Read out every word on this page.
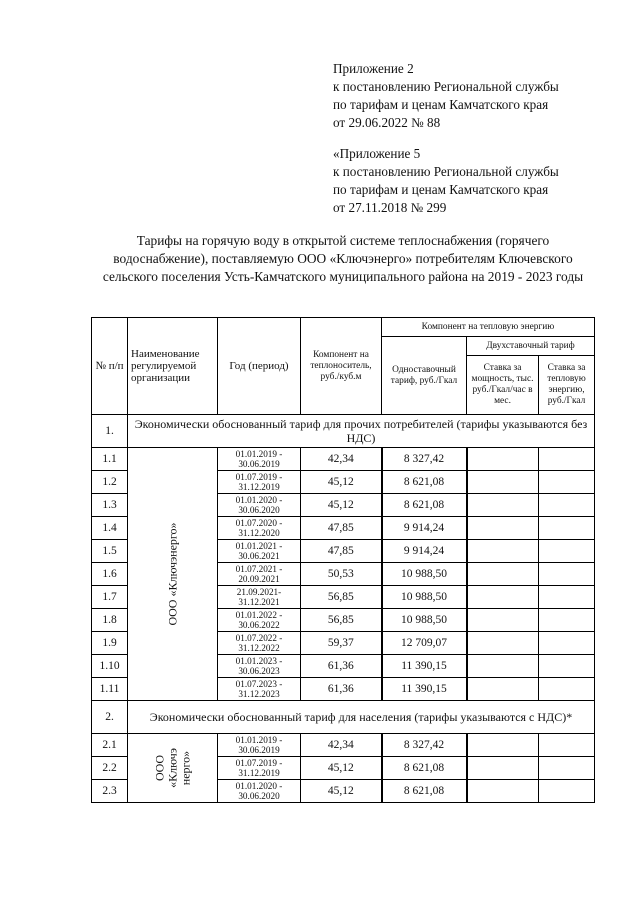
Приложение 2
к постановлению Региональной службы
по тарифам и ценам Камчатского края
от 29.06.2022 № 88
«Приложение 5
к постановлению Региональной службы
по тарифам и ценам Камчатского края
от 27.11.2018 № 299
Тарифы на горячую воду в открытой системе теплоснабжения (горячего водоснабжение), поставляемую ООО «Ключэнерго» потребителям Ключевского сельского поселения Усть-Камчатского муниципального района на 2019 - 2023 годы
№ п/п	Наименование регулируемой организации	Год (период)	Компонент на теплоноситель, руб./куб.м	Компонент на тепловую энергию		
				Одноставочный тариф, руб./Гкал	Двухставочный тариф	
					Ставка за мощность, тыс. руб./Гкал/час в мес.	Ставка за тепловую энергию, руб./Гкал
1.	Экономически обоснованный тариф для прочих потребителей (тарифы указываются без НДС)					
1.1	ООО «Ключэнерго»	01.01.2019 - 30.06.2019	42,34	8 327,42		
1.2		01.07.2019 - 31.12.2019	45,12	8 621,08		
1.3		01.01.2020 - 30.06.2020	45,12	8 621,08		
1.4		01.07.2020 - 31.12.2020	47,85	9 914,24		
1.5		01.01.2021 - 30.06.2021	47,85	9 914,24		
1.6		01.07.2021 - 20.09.2021	50,53	10 988,50		
1.7		21.09.2021- 31.12.2021	56,85	10 988,50		
1.8		01.01.2022 - 30.06.2022	56,85	10 988,50		
1.9		01.07.2022 - 31.12.2022	59,37	12 709,07		
1.10		01.01.2023 - 30.06.2023	61,36	11 390,15		
1.11		01.07.2023 - 31.12.2023	61,36	11 390,15		
2.	Экономически обоснованный тариф для населения (тарифы указываются с НДС)*					
2.1	ООО «Ключэ нерго»	01.01.2019 - 30.06.2019	42,34	8 327,42		
2.2		01.07.2019 - 31.12.2019	45,12	8 621,08		
2.3		01.01.2020 - 30.06.2020	45,12	8 621,08		
